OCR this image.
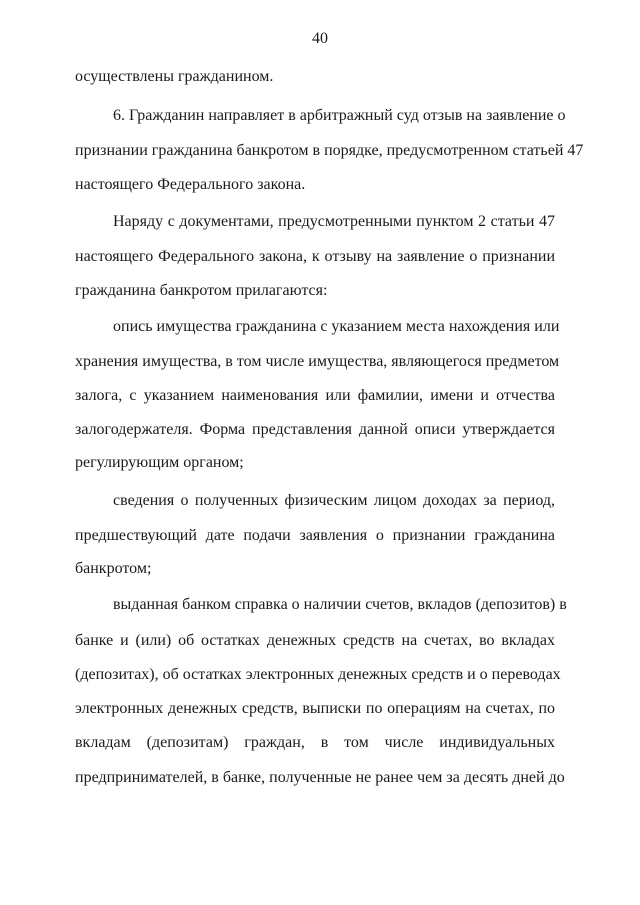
40
осуществлены гражданином.
6. Гражданин направляет в арбитражный суд отзыв на заявление о
признании гражданина банкротом в порядке, предусмотренном статьей 47
настоящего Федерального закона.
Наряду с документами, предусмотренными пунктом 2 статьи 47
настоящего Федерального закона, к отзыву на заявление о признании
гражданина банкротом прилагаются:
опись имущества гражданина с указанием места нахождения или
хранения имущества, в том числе имущества, являющегося предметом
залога, с указанием наименования или фамилии, имени и отчества
залогодержателя. Форма представления данной описи утверждается
регулирующим органом;
сведения о полученных физическим лицом доходах за период,
предшествующий дате подачи заявления о признании гражданина
банкротом;
выданная банком справка о наличии счетов, вкладов (депозитов) в
банке и (или) об остатках денежных средств на счетах, во вкладах
(депозитах), об остатках электронных денежных средств и о переводах
электронных денежных средств, выписки по операциям на счетах, по
вкладам (депозитам) граждан, в том числе индивидуальных
предпринимателей, в банке, полученные не ранее чем за десять дней до
